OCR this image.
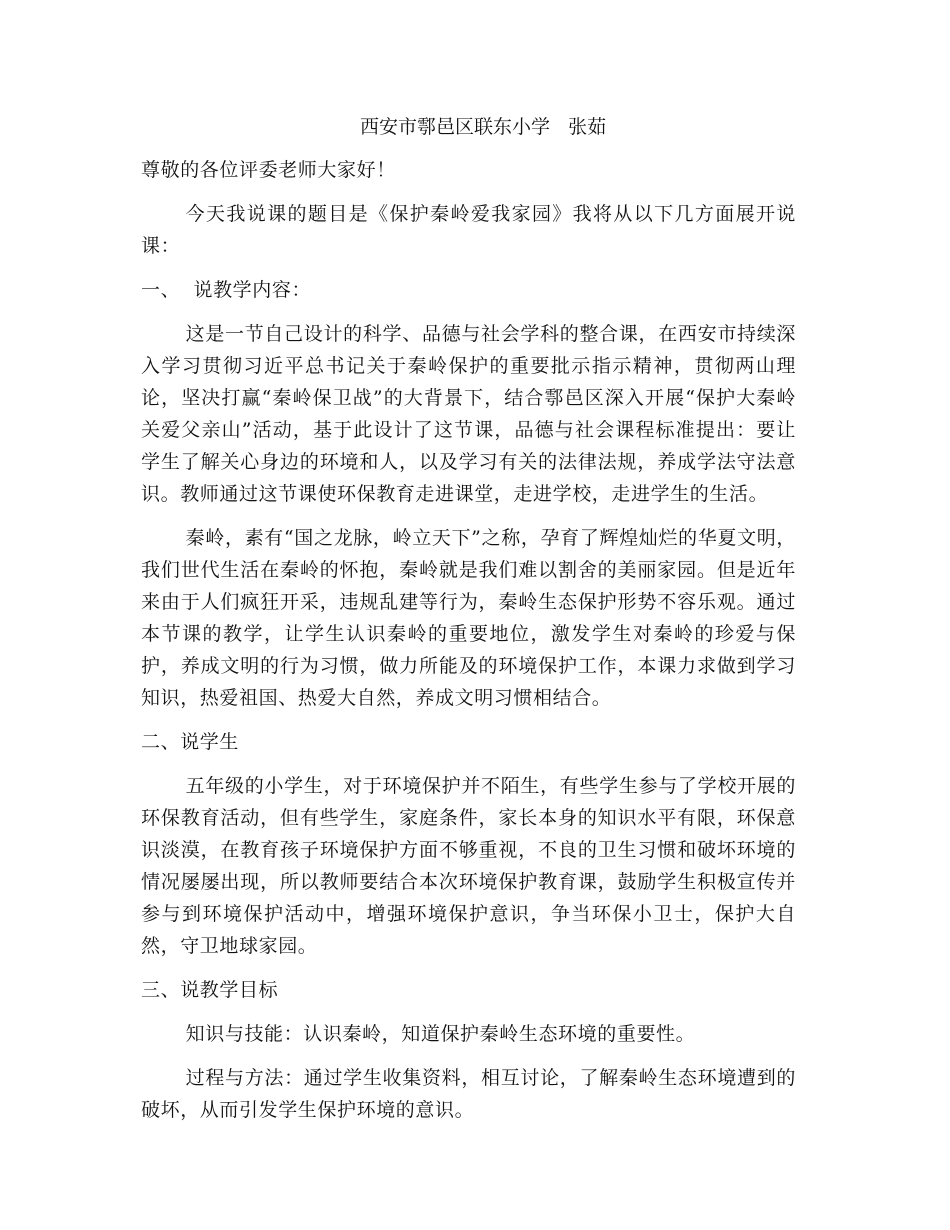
西安市鄠邑区联东小学   张茹

尊敬的各位评委老师大家好！

今天我说课的题目是《保护秦岭爱我家园》我将从以下几方面展开说课：

一、  说教学内容：

这是一节自己设计的科学、品德与社会学科的整合课，在西安市持续深入学习贯彻习近平总书记关于秦岭保护的重要批示指示精神，贯彻两山理论，坚决打赢“秦岭保卫战”的大背景下，结合鄠邑区深入开展“保护大秦岭关爱父亲山”活动，基于此设计了这节课，品德与社会课程标准提出：要让学生了解关心身边的环境和人，以及学习有关的法律法规，养成学法守法意识。教师通过这节课使环保教育走进课堂，走进学校，走进学生的生活。

秦岭，素有“国之龙脉，岭立天下”之称，孕育了辉煌灿烂的华夏文明，我们世代生活在秦岭的怀抱，秦岭就是我们难以割舍的美丽家园。但是近年来由于人们疯狂开采，违规乱建等行为，秦岭生态保护形势不容乐观。通过本节课的教学，让学生认识秦岭的重要地位，激发学生对秦岭的珍爱与保护，养成文明的行为习惯，做力所能及的环境保护工作，本课力求做到学习知识，热爱祖国、热爱大自然，养成文明习惯相结合。

二、说学生

五年级的小学生，对于环境保护并不陌生，有些学生参与了学校开展的环保教育活动，但有些学生，家庭条件，家长本身的知识水平有限，环保意识淡漠，在教育孩子环境保护方面不够重视，不良的卫生习惯和破坏环境的情况屡屡出现，所以教师要结合本次环境保护教育课，鼓励学生积极宣传并参与到环境保护活动中，增强环境保护意识，争当环保小卫士，保护大自然，守卫地球家园。

三、说教学目标

知识与技能：认识秦岭，知道保护秦岭生态环境的重要性。

过程与方法：通过学生收集资料，相互讨论，了解秦岭生态环境遭到的破坏，从而引发学生保护环境的意识。
